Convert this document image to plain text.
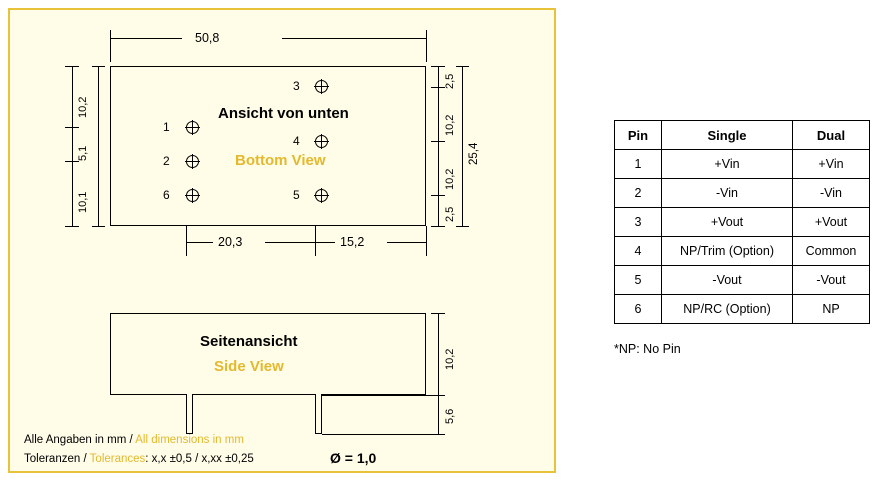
50,8
1
2
6
3
4
5
Ansicht von unten
Bottom View
10,2
5,1
10,1
2,5
10,2
10,2
2,5
25,4
20,3	15,2
Seitenansicht
Side View	10,2
5,6
Ø = 1,0
Alle Angaben in mm / All dimensions in mm
Toleranzen / Tolerances: x,x ±0,5 / x,xx ±0,25
Pin	Single	Dual
1	+Vin	+Vin
2	-Vin	-Vin
3	+Vout	+Vout
4	NP/Trim (Option)	Common
5	-Vout	-Vout
6	NP/RC (Option)	NP
*NP: No Pin
